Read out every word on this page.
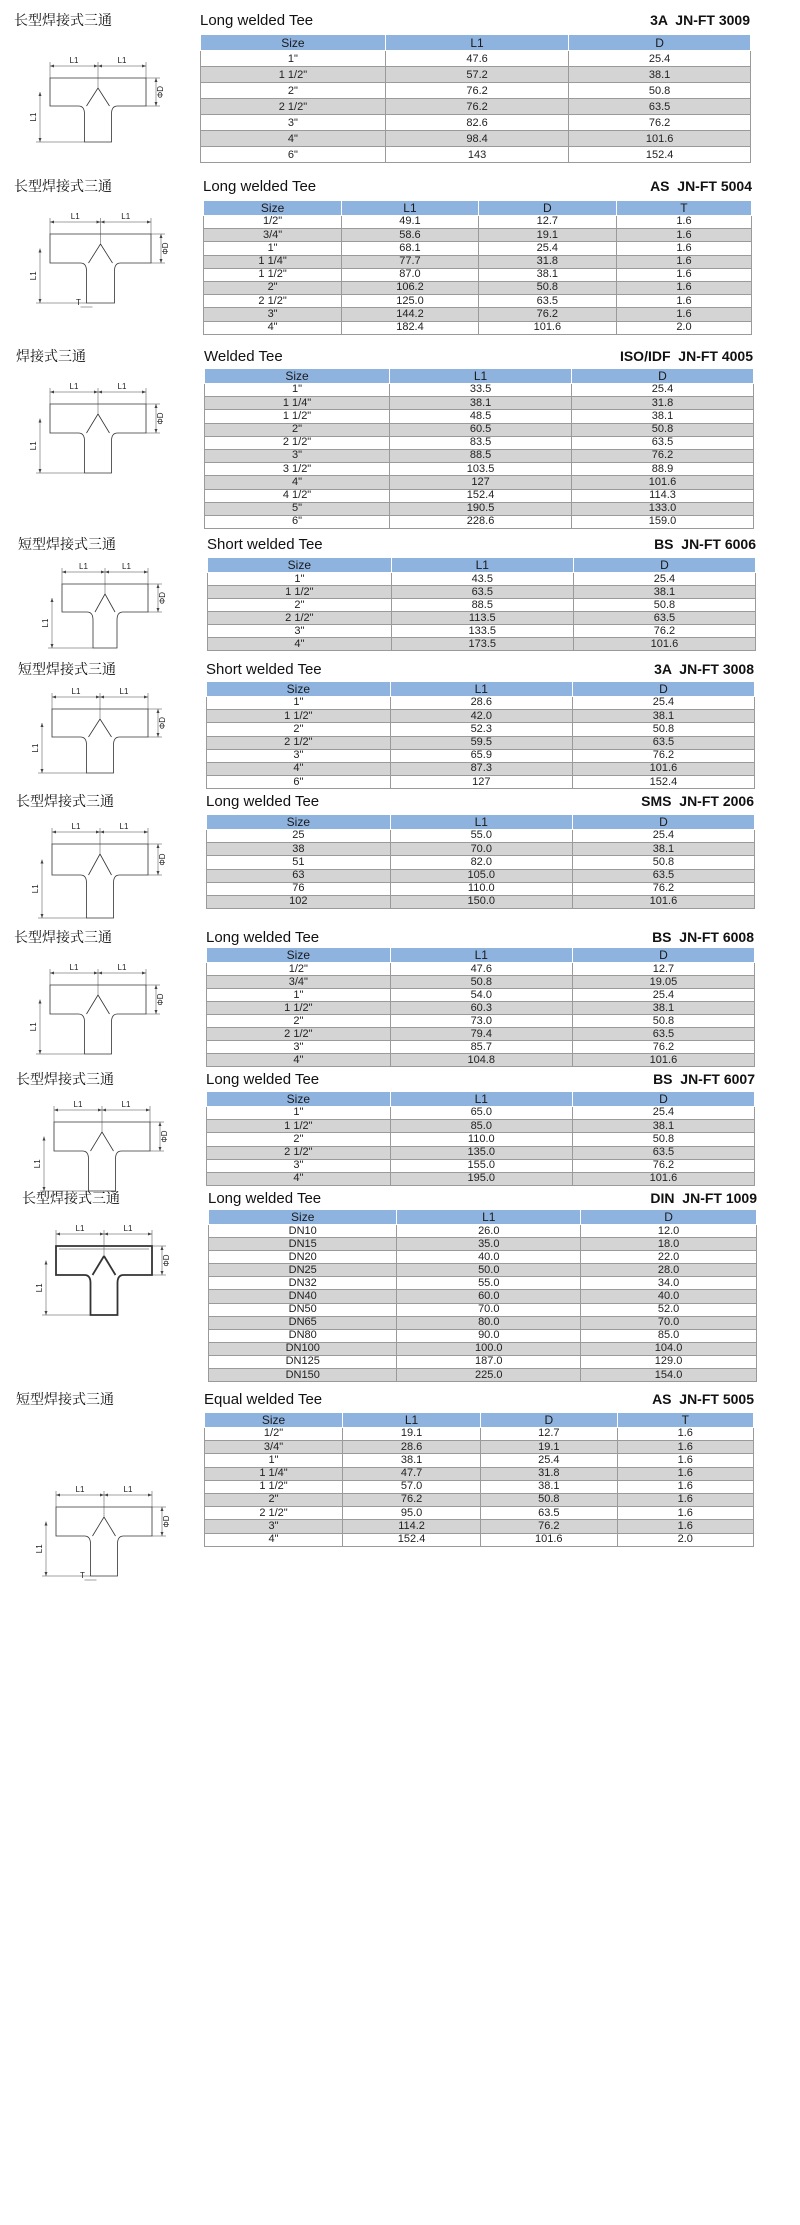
长型焊接式三通	Long welded Tee	3A  JN-FT 3009
L1	L1
ΦD
L1
Size	L1	D
1"	47.6	25.4
1 1/2"	57.2	38.1
2"	76.2	50.8
2 1/2"	76.2	63.5
3"	82.6	76.2
4"	98.4	101.6
6"	143	152.4
长型焊接式三通	Long welded Tee	AS  JN-FT 5004
L1	L1
ΦD
L1
T
Size	L1	D	T
1/2"	49.1	12.7	1.6
3/4"	58.6	19.1	1.6
1"	68.1	25.4	1.6
1 1/4"	77.7	31.8	1.6
1 1/2"	87.0	38.1	1.6
2"	106.2	50.8	1.6
2 1/2"	125.0	63.5	1.6
3"	144.2	76.2	1.6
4"	182.4	101.6	2.0
焊接式三通	Welded Tee	ISO/IDF  JN-FT 4005
L1	L1
ΦD
L1
Size	L1	D
1"	33.5	25.4
1 1/4"	38.1	31.8
1 1/2"	48.5	38.1
2"	60.5	50.8
2 1/2"	83.5	63.5
3"	88.5	76.2
3 1/2"	103.5	88.9
4"	127	101.6
4 1/2"	152.4	114.3
5"	190.5	133.0
6"	228.6	159.0
短型焊接式三通	Short welded Tee	BS  JN-FT 6006
L1	L1
ΦD
L1
Size	L1	D
1"	43.5	25.4
1 1/2"	63.5	38.1
2"	88.5	50.8
2 1/2"	113.5	63.5
3"	133.5	76.2
4"	173.5	101.6
短型焊接式三通	Short welded Tee	3A  JN-FT 3008
L1	L1
ΦD
L1
Size	L1	D
1"	28.6	25.4
1 1/2"	42.0	38.1
2"	52.3	50.8
2 1/2"	59.5	63.5
3"	65.9	76.2
4"	87.3	101.6
6"	127	152.4
长型焊接式三通	Long welded Tee	SMS  JN-FT 2006
L1	L1
ΦD
L1
Size	L1	D
25	55.0	25.4
38	70.0	38.1
51	82.0	50.8
63	105.0	63.5
76	110.0	76.2
102	150.0	101.6
长型焊接式三通	Long welded Tee	BS  JN-FT 6008
L1	L1
ΦD
L1
Size	L1	D
1/2"	47.6	12.7
3/4"	50.8	19.05
1"	54.0	25.4
1 1/2"	60.3	38.1
2"	73.0	50.8
2 1/2"	79.4	63.5
3"	85.7	76.2
4"	104.8	101.6
长型焊接式三通	Long welded Tee	BS  JN-FT 6007
L1	L1
ΦD
L1
Size	L1	D
1"	65.0	25.4
1 1/2"	85.0	38.1
2"	110.0	50.8
2 1/2"	135.0	63.5
3"	155.0	76.2
4"	195.0	101.6
长型焊接式三通	Long welded Tee	DIN  JN-FT 1009
L1	L1
ΦD
L1
Size	L1	D
DN10	26.0	12.0
DN15	35.0	18.0
DN20	40.0	22.0
DN25	50.0	28.0
DN32	55.0	34.0
DN40	60.0	40.0
DN50	70.0	52.0
DN65	80.0	70.0
DN80	90.0	85.0
DN100	100.0	104.0
DN125	187.0	129.0
DN150	225.0	154.0
短型焊接式三通	Equal welded Tee	AS  JN-FT 5005
L1	L1
ΦD
L1
T
Size	L1	D	T
1/2"	19.1	12.7	1.6
3/4"	28.6	19.1	1.6
1"	38.1	25.4	1.6
1 1/4"	47.7	31.8	1.6
1 1/2"	57.0	38.1	1.6
2"	76.2	50.8	1.6
2 1/2"	95.0	63.5	1.6
3"	114.2	76.2	1.6
4"	152.4	101.6	2.0
